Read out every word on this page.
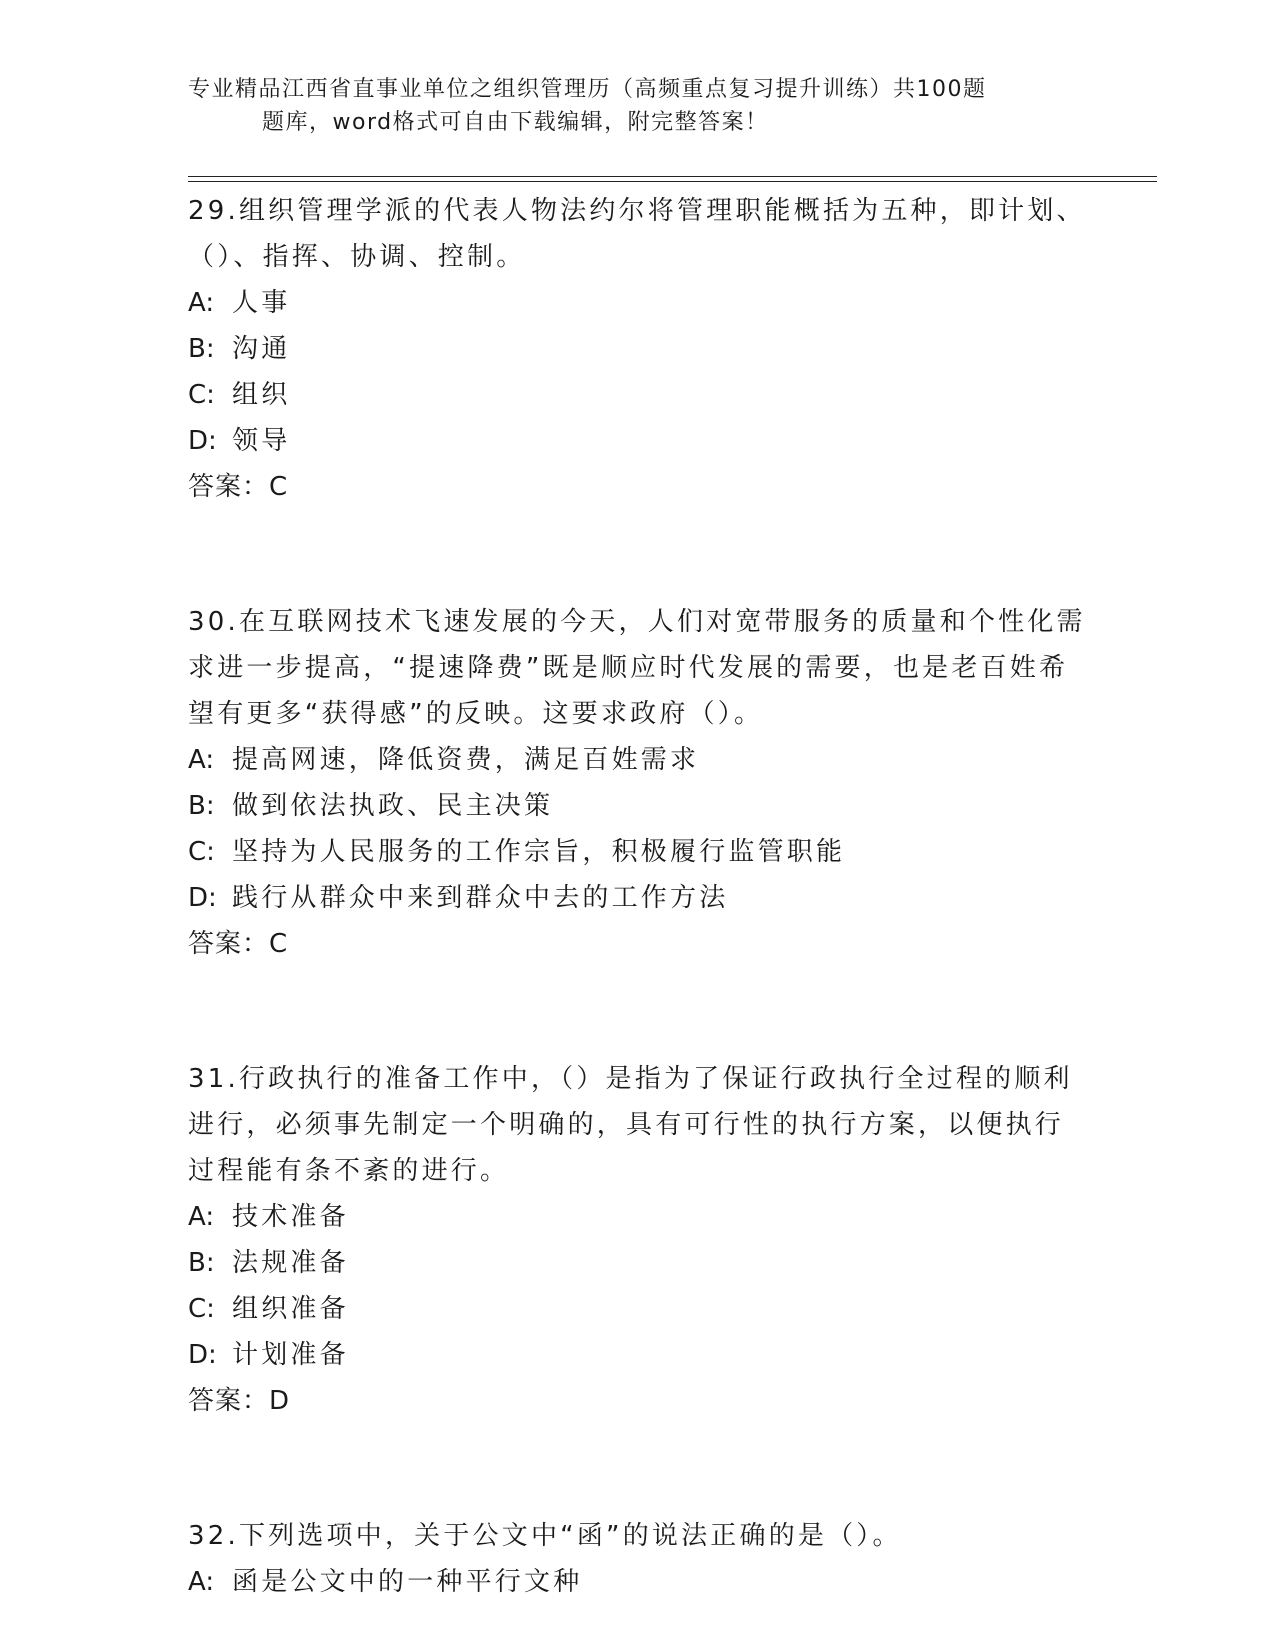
专业精品江西省直事业单位之组织管理历（高频重点复习提升训练）共100题
题库，word格式可自由下载编辑，附完整答案！

29.组织管理学派的代表人物法约尔将管理职能概括为五种，即计划、（）、指挥、协调、控制。

A: 人事

B: 沟通

C: 组织

D: 领导

答案：C

30.在互联网技术飞速发展的今天，人们对宽带服务的质量和个性化需求进一步提高，“提速降费”既是顺应时代发展的需要，也是老百姓希望有更多“获得感”的反映。这要求政府（）。

A: 提高网速，降低资费，满足百姓需求

B: 做到依法执政、民主决策

C: 坚持为人民服务的工作宗旨，积极履行监管职能

D: 践行从群众中来到群众中去的工作方法

答案：C

31.行政执行的准备工作中，（）是指为了保证行政执行全过程的顺利进行，必须事先制定一个明确的，具有可行性的执行方案，以便执行过程能有条不紊的进行。

A: 技术准备

B: 法规准备

C: 组织准备

D: 计划准备

答案：D

32.下列选项中，关于公文中“函”的说法正确的是（）。

A: 函是公文中的一种平行文种
